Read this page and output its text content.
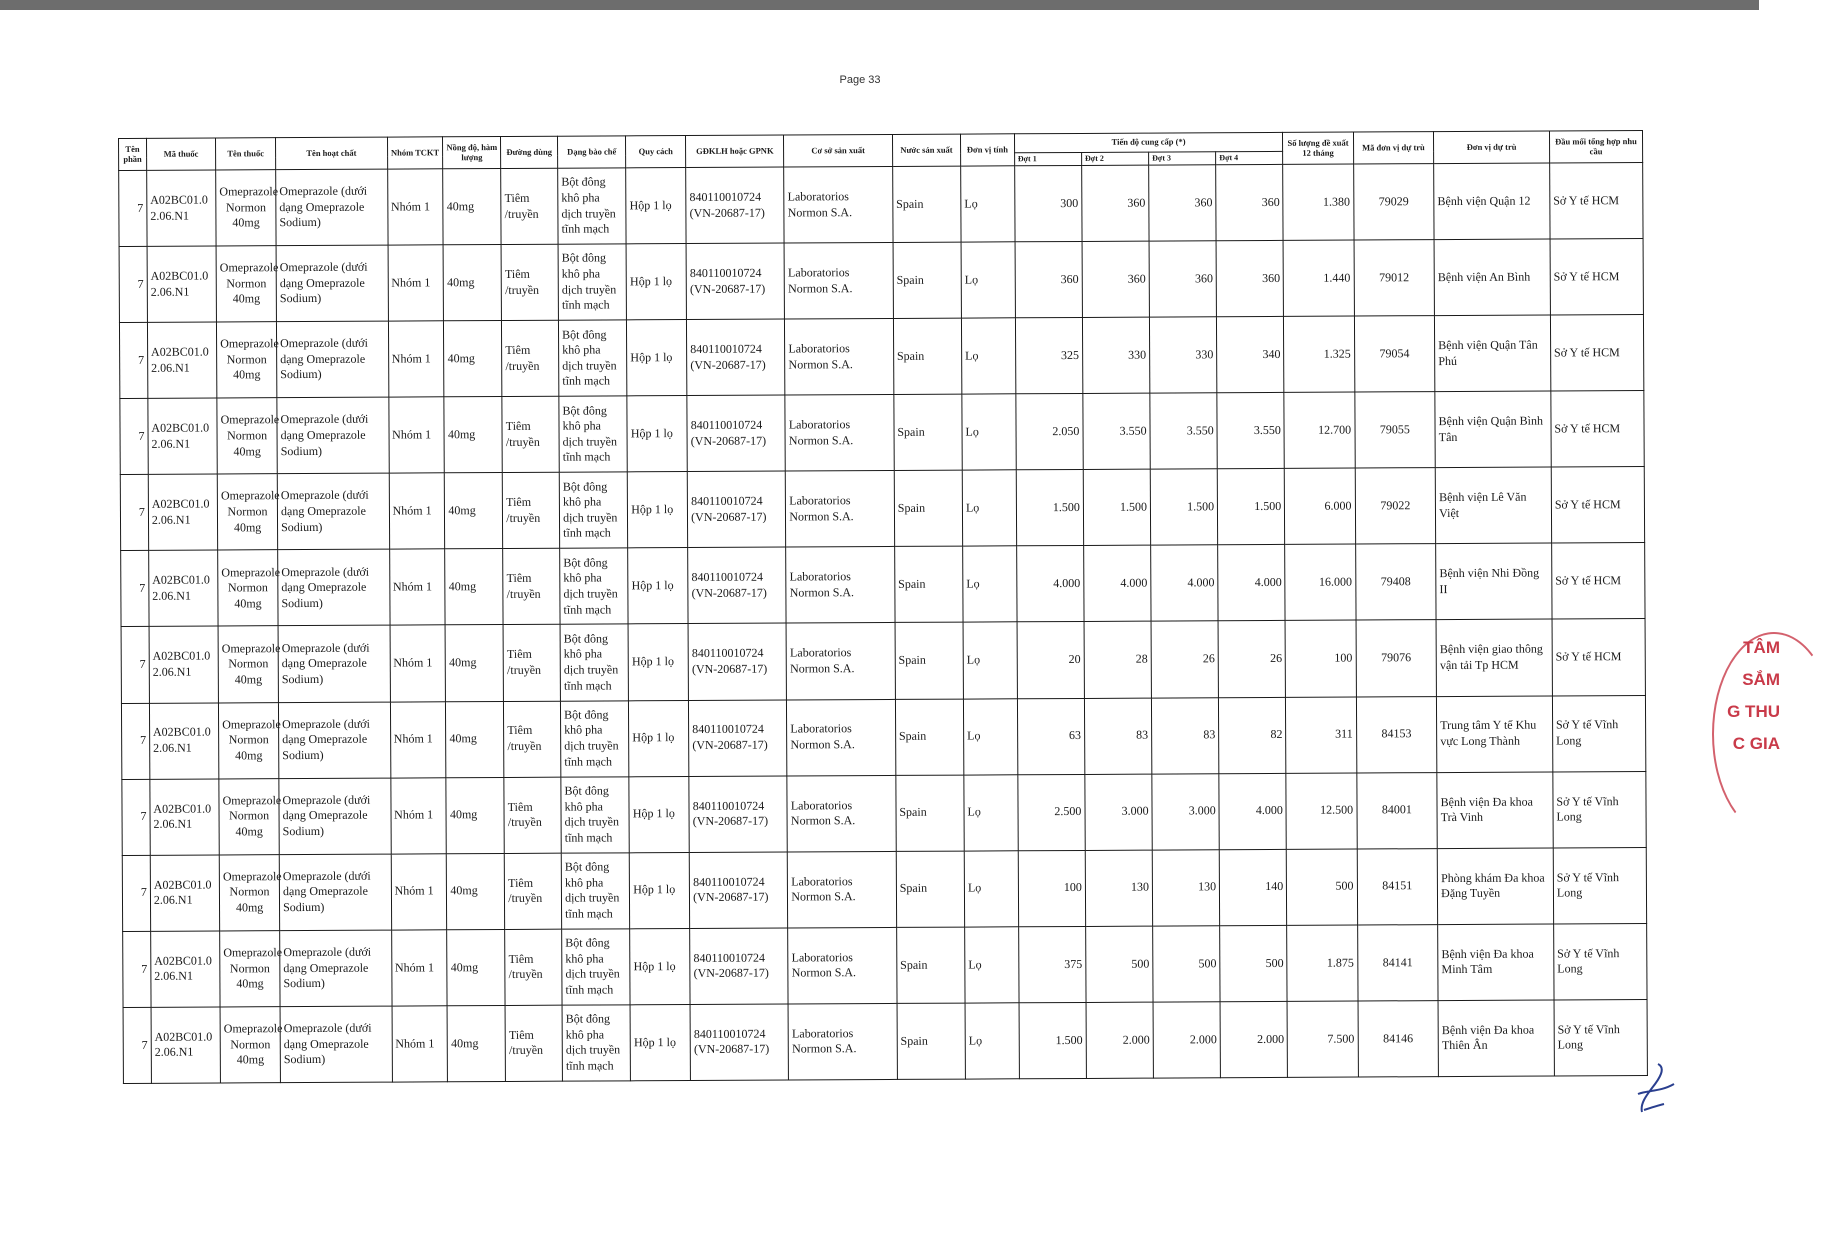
Page 33
Tên phần	Mã thuốc	Tên thuốc	Tên hoạt chất	Nhóm TCKT	Nồng độ, hàm lượng	Đường dùng	Dạng bào chế	Quy cách	GĐKLH hoặc GPNK	Cơ sở sản xuất	Nước sản xuất	Đơn vị tính	Tiến độ cung cấp (*)				Số lượng đề xuất 12 tháng	Mã đơn vị dự trù	Đơn vị dự trù	Đầu mối tổng hợp nhu cầu
													Đợt 1	Đợt 2	Đợt 3	Đợt 4				
7	A02BC01.02.06.N1	Omeprazole Normon 40mg	Omeprazole (dưới dạng Omeprazole Sodium)	Nhóm 1	40mg	Tiêm /truyền	Bột đông khô pha dịch truyền tĩnh mạch	Hộp 1 lọ	840110010724 (VN-20687-17)	Laboratorios Normon S.A.	Spain	Lọ	300	360	360	360	1.380	79029	Bệnh viện Quận 12	Sở Y tế HCM
7	A02BC01.02.06.N1	Omeprazole Normon 40mg	Omeprazole (dưới dạng Omeprazole Sodium)	Nhóm 1	40mg	Tiêm /truyền	Bột đông khô pha dịch truyền tĩnh mạch	Hộp 1 lọ	840110010724 (VN-20687-17)	Laboratorios Normon S.A.	Spain	Lọ	360	360	360	360	1.440	79012	Bệnh viện An Bình	Sở Y tế HCM
7	A02BC01.02.06.N1	Omeprazole Normon 40mg	Omeprazole (dưới dạng Omeprazole Sodium)	Nhóm 1	40mg	Tiêm /truyền	Bột đông khô pha dịch truyền tĩnh mạch	Hộp 1 lọ	840110010724 (VN-20687-17)	Laboratorios Normon S.A.	Spain	Lọ	325	330	330	340	1.325	79054	Bệnh viện Quận Tân Phú	Sở Y tế HCM
7	A02BC01.02.06.N1	Omeprazole Normon 40mg	Omeprazole (dưới dạng Omeprazole Sodium)	Nhóm 1	40mg	Tiêm /truyền	Bột đông khô pha dịch truyền tĩnh mạch	Hộp 1 lọ	840110010724 (VN-20687-17)	Laboratorios Normon S.A.	Spain	Lọ	2.050	3.550	3.550	3.550	12.700	79055	Bệnh viện Quận Bình Tân	Sở Y tế HCM
7	A02BC01.02.06.N1	Omeprazole Normon 40mg	Omeprazole (dưới dạng Omeprazole Sodium)	Nhóm 1	40mg	Tiêm /truyền	Bột đông khô pha dịch truyền tĩnh mạch	Hộp 1 lọ	840110010724 (VN-20687-17)	Laboratorios Normon S.A.	Spain	Lọ	1.500	1.500	1.500	1.500	6.000	79022	Bệnh viện Lê Văn Việt	Sở Y tế HCM
7	A02BC01.02.06.N1	Omeprazole Normon 40mg	Omeprazole (dưới dạng Omeprazole Sodium)	Nhóm 1	40mg	Tiêm /truyền	Bột đông khô pha dịch truyền tĩnh mạch	Hộp 1 lọ	840110010724 (VN-20687-17)	Laboratorios Normon S.A.	Spain	Lọ	4.000	4.000	4.000	4.000	16.000	79408	Bệnh viện Nhi Đồng II	Sở Y tế HCM
7	A02BC01.02.06.N1	Omeprazole Normon 40mg	Omeprazole (dưới dạng Omeprazole Sodium)	Nhóm 1	40mg	Tiêm /truyền	Bột đông khô pha dịch truyền tĩnh mạch	Hộp 1 lọ	840110010724 (VN-20687-17)	Laboratorios Normon S.A.	Spain	Lọ	20	28	26	26	100	79076	Bệnh viện giao thông vận tải Tp HCM	Sở Y tế HCM
7	A02BC01.02.06.N1	Omeprazole Normon 40mg	Omeprazole (dưới dạng Omeprazole Sodium)	Nhóm 1	40mg	Tiêm /truyền	Bột đông khô pha dịch truyền tĩnh mạch	Hộp 1 lọ	840110010724 (VN-20687-17)	Laboratorios Normon S.A.	Spain	Lọ	63	83	83	82	311	84153	Trung tâm Y tế Khu vực Long Thành	Sở Y tế Vĩnh Long
7	A02BC01.02.06.N1	Omeprazole Normon 40mg	Omeprazole (dưới dạng Omeprazole Sodium)	Nhóm 1	40mg	Tiêm /truyền	Bột đông khô pha dịch truyền tĩnh mạch	Hộp 1 lọ	840110010724 (VN-20687-17)	Laboratorios Normon S.A.	Spain	Lọ	2.500	3.000	3.000	4.000	12.500	84001	Bệnh viện Đa khoa Trà Vinh	Sở Y tế Vĩnh Long
7	A02BC01.02.06.N1	Omeprazole Normon 40mg	Omeprazole (dưới dạng Omeprazole Sodium)	Nhóm 1	40mg	Tiêm /truyền	Bột đông khô pha dịch truyền tĩnh mạch	Hộp 1 lọ	840110010724 (VN-20687-17)	Laboratorios Normon S.A.	Spain	Lọ	100	130	130	140	500	84151	Phòng khám Đa khoa Đặng Tuyền	Sở Y tế Vĩnh Long
7	A02BC01.02.06.N1	Omeprazole Normon 40mg	Omeprazole (dưới dạng Omeprazole Sodium)	Nhóm 1	40mg	Tiêm /truyền	Bột đông khô pha dịch truyền tĩnh mạch	Hộp 1 lọ	840110010724 (VN-20687-17)	Laboratorios Normon S.A.	Spain	Lọ	375	500	500	500	1.875	84141	Bệnh viện Đa khoa Minh Tâm	Sở Y tế Vĩnh Long
7	A02BC01.02.06.N1	Omeprazole Normon 40mg	Omeprazole (dưới dạng Omeprazole Sodium)	Nhóm 1	40mg	Tiêm /truyền	Bột đông khô pha dịch truyền tĩnh mạch	Hộp 1 lọ	840110010724 (VN-20687-17)	Laboratorios Normon S.A.	Spain	Lọ	1.500	2.000	2.000	2.000	7.500	84146	Bệnh viện Đa khoa Thiên Ân	Sở Y tế Vĩnh Long
TÂM
SẮM
G THU
C GIA
